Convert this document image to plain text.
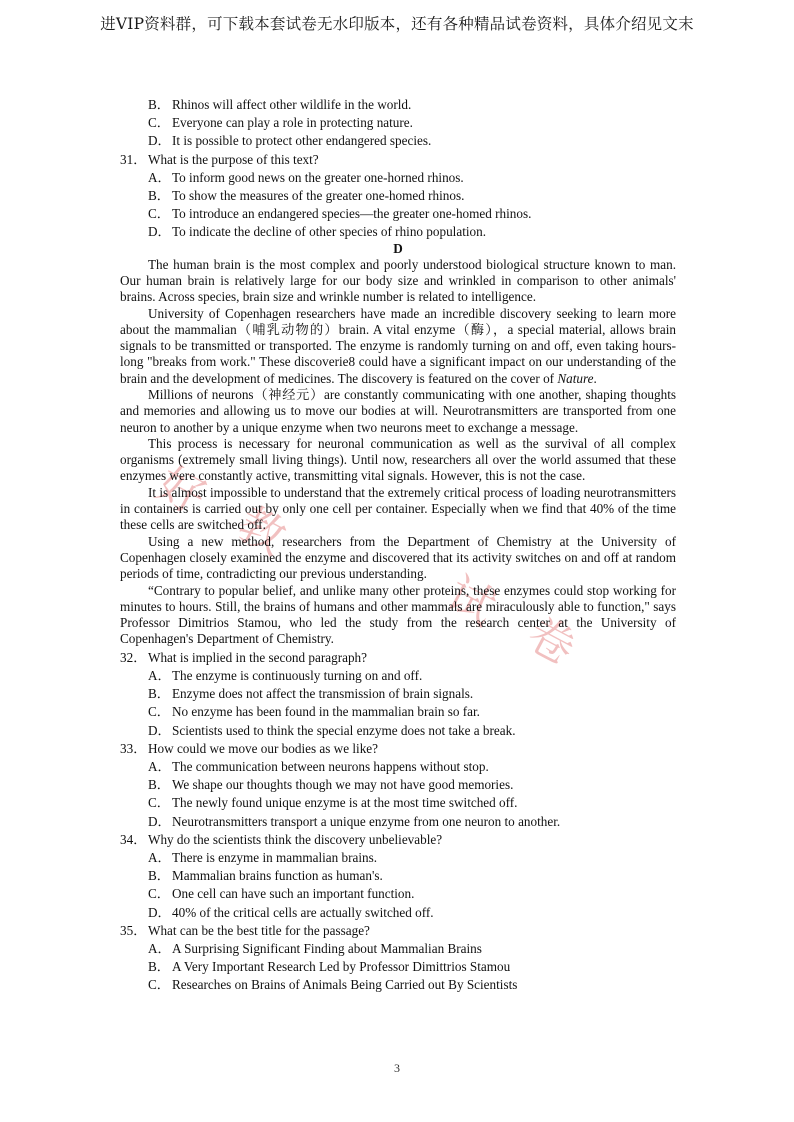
进VIP资料群，可下载本套试卷无水印版本，还有各种精品试卷资料，具体介绍见文末
好
教
试
卷
B． Rhinos will affect other wildlife in the world.
C． Everyone can play a role in protecting nature.
D．It is possible to protect other endangered species.
31． What is the purpose of this text?
A．To inform good news on the greater one-horned rhinos.
B． To show the measures of the greater one-homed rhinos.
C． To introduce an endangered species—the greater one-homed rhinos.
D．To indicate the decline of other species of rhino population.
D

The human brain is the most complex and poorly understood biological structure known to man. Our human brain is relatively large for our body size and wrinkled in comparison to other animals' brains. Across species, brain size and wrinkle number is related to intelligence.

University of Copenhagen researchers have made an incredible discovery seeking to learn more about the mammalian（哺乳动物的）brain. A vital enzyme（酶），a special material, allows brain signals to be transmitted or transported. The enzyme is randomly turning on and off, even taking hours-long "breaks from work." These discoverie8 could have a significant impact on our understanding of the brain and the development of medicines. The discovery is featured on the cover of Nature.

Millions of neurons（神经元）are constantly communicating with one another, shaping thoughts and memories and allowing us to move our bodies at will. Neurotransmitters are transported from one neuron to another by a unique enzyme when two neurons meet to exchange a message.

This process is necessary for neuronal communication as well as the survival of all complex organisms (extremely small living things). Until now, researchers all over the world assumed that these enzymes were constantly active, transmitting vital signals. However, this is not the case.

It is almost impossible to understand that the extremely critical process of loading neurotransmitters in containers is carried out by only one cell per container. Especially when we find that 40% of the time these cells are switched off.

Using a new method, researchers from the Department of Chemistry at the University of Copenhagen closely examined the enzyme and discovered that its activity switches on and off at random periods of time, contradicting our previous understanding.

“Contrary to popular belief, and unlike many other proteins, these enzymes could stop working for minutes to hours. Still, the brains of humans and other mammals are miraculously able to function," says Professor Dimitrios Stamou, who led the study from the research center at the University of Copenhagen's Department of Chemistry.

32． What is implied in the second paragraph?
A．The enzyme is continuously turning on and off.
B． Enzyme does not affect the transmission of brain signals.
C． No enzyme has been found in the mammalian brain so far.
D．Scientists used to think the special enzyme does not take a break.
33． How could we move our bodies as we like?
A．The communication between neurons happens without stop.
B． We shape our thoughts though we may not have good memories.
C． The newly found unique enzyme is at the most time switched off.
D．Neurotransmitters transport a unique enzyme from one neuron to another.
34． Why do the scientists think the discovery unbelievable?
A．There is enzyme in mammalian brains.
B． Mammalian brains function as human's.
C． One cell can have such an important function.
D．40% of the critical cells are actually switched off.
35． What can be the best title for the passage?
A．A Surprising Significant Finding about Mammalian Brains
B． A Very Important Research Led by Professor Dimittrios Stamou
C． Researches on Brains of Animals Being Carried out By Scientists
3
